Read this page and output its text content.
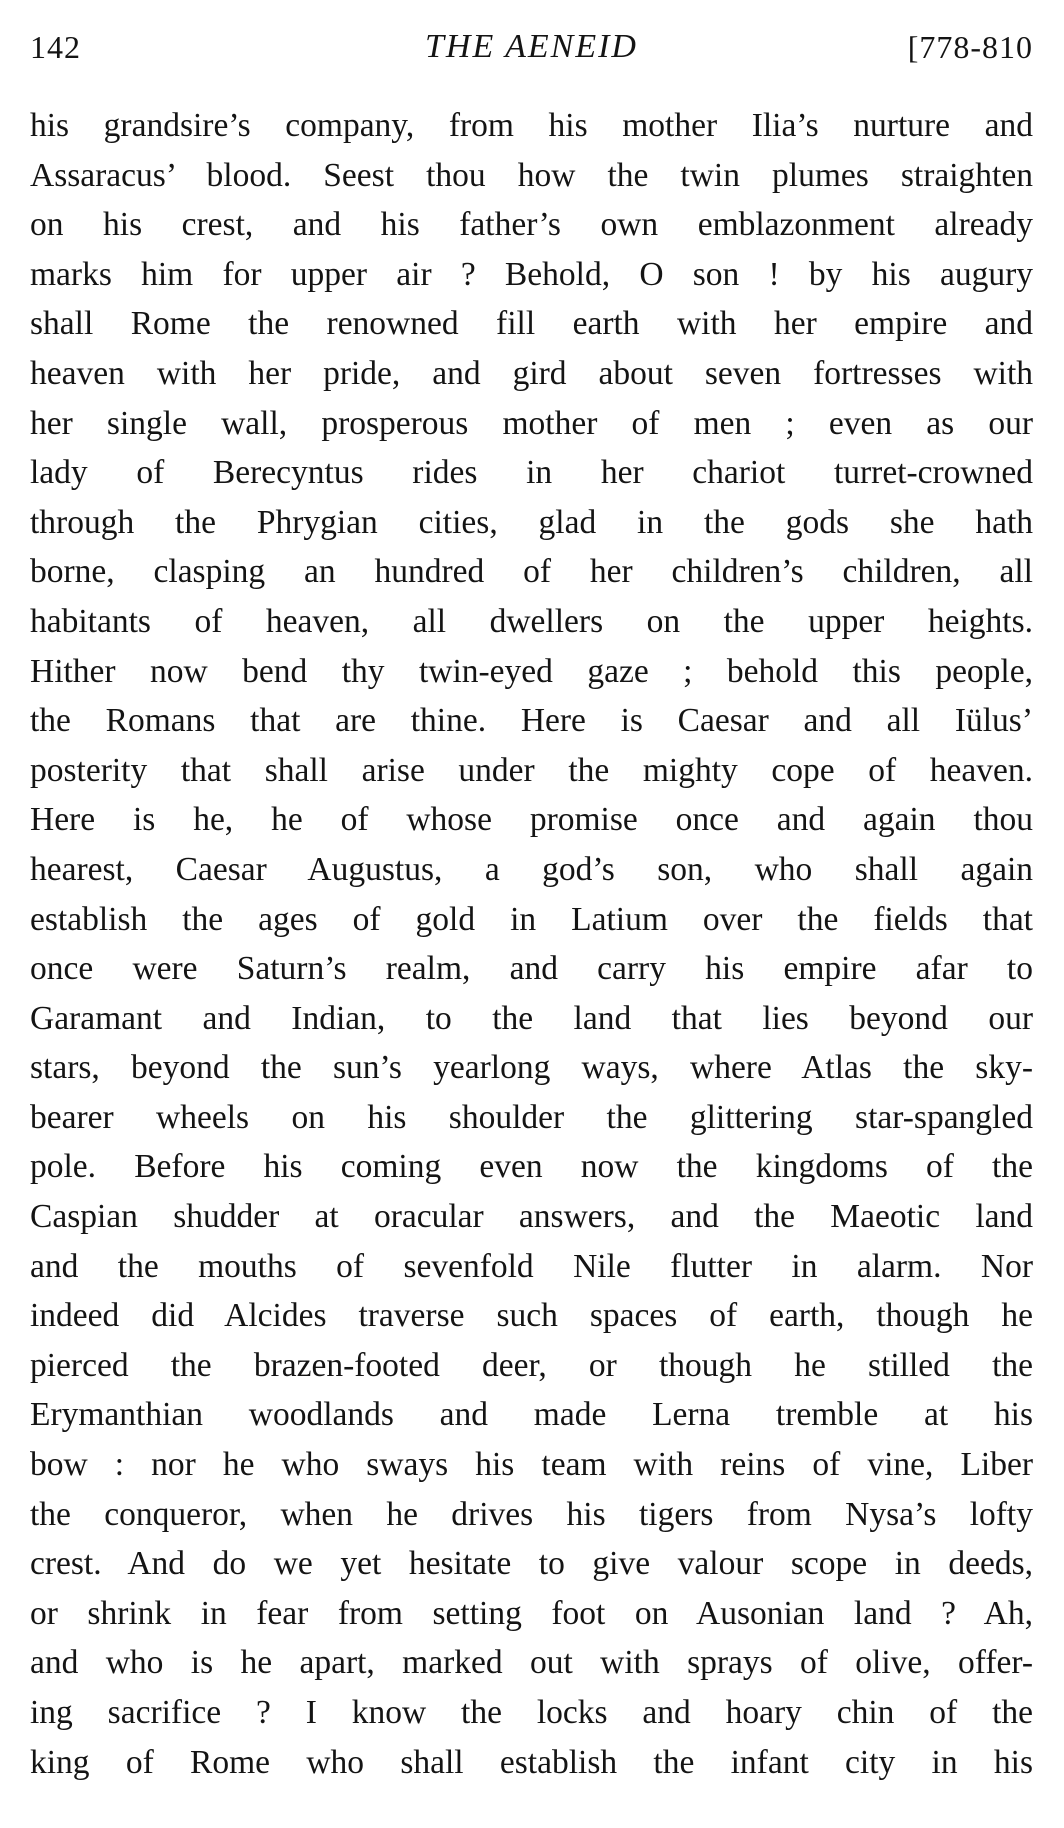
142	THE AENEID	[778-810
his grandsire’s company, from his mother Ilia’s nurture and
Assaracus’ blood. Seest thou how the twin plumes straighten
on his crest, and his father’s own emblazonment already
marks him for upper air ? Behold, O son ! by his augury
shall Rome the renowned fill earth with her empire and
heaven with her pride, and gird about seven fortresses with
her single wall, prosperous mother of men ; even as our
lady of Berecyntus rides in her chariot turret-crowned
through the Phrygian cities, glad in the gods she hath
borne, clasping an hundred of her children’s children, all
habitants of heaven, all dwellers on the upper heights.
Hither now bend thy twin-eyed gaze ; behold this people,
the Romans that are thine. Here is Caesar and all Iülus’
posterity that shall arise under the mighty cope of heaven.
Here is he, he of whose promise once and again thou
hearest, Caesar Augustus, a god’s son, who shall again
establish the ages of gold in Latium over the fields that
once were Saturn’s realm, and carry his empire afar to
Garamant and Indian, to the land that lies beyond our
stars, beyond the sun’s yearlong ways, where Atlas the sky-
bearer wheels on his shoulder the glittering star-spangled
pole. Before his coming even now the kingdoms of the
Caspian shudder at oracular answers, and the Maeotic land
and the mouths of sevenfold Nile flutter in alarm. Nor
indeed did Alcides traverse such spaces of earth, though he
pierced the brazen-footed deer, or though he stilled the
Erymanthian woodlands and made Lerna tremble at his
bow : nor he who sways his team with reins of vine, Liber
the conqueror, when he drives his tigers from Nysa’s lofty
crest. And do we yet hesitate to give valour scope in deeds,
or shrink in fear from setting foot on Ausonian land ? Ah,
and who is he apart, marked out with sprays of olive, offer-
ing sacrifice ? I know the locks and hoary chin of the
king of Rome who shall establish the infant city in his
